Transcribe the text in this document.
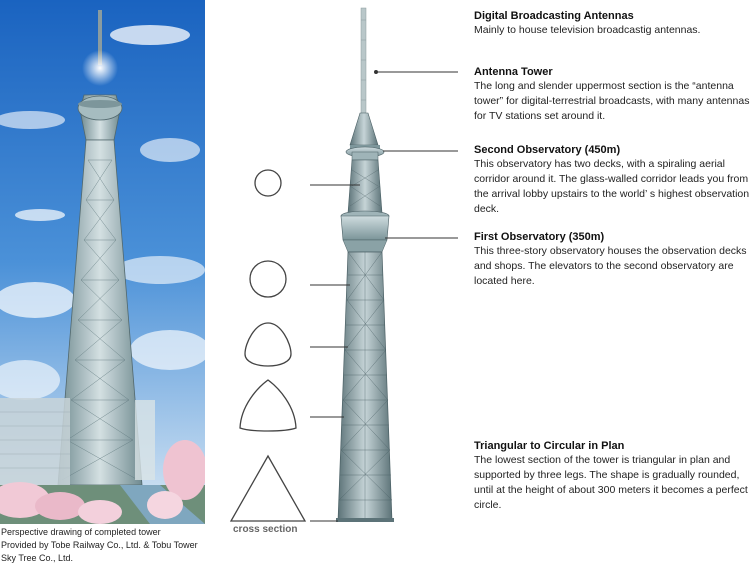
Perspective drawing of completed tower
Provided by Tobe Railway Co., Ltd. & Tobu Tower
Sky Tree Co., Ltd.
cross section
Digital Broadcasting Antennas
Mainly to house television broadcastig antennas.
Antenna Tower
The long and slender uppermost section is the “antenna tower” for digital-terrestrial broadcasts, with many antennas for TV stations set around it.
Second Observatory (450m)
This observatory has two decks, with a spiraling aerial corridor around it. The glass-walled corridor leads you from the arrival lobby upstairs to the world’ s highest observation deck.
First Observatory (350m)
This three-story observatory houses the observation decks and shops. The elevators to the second observatory are located here.
Triangular to Circular in Plan
The lowest section of the tower is triangular in plan and supported by three legs. The shape is gradually rounded, until at the height of about 300 meters it becomes a perfect circle.
